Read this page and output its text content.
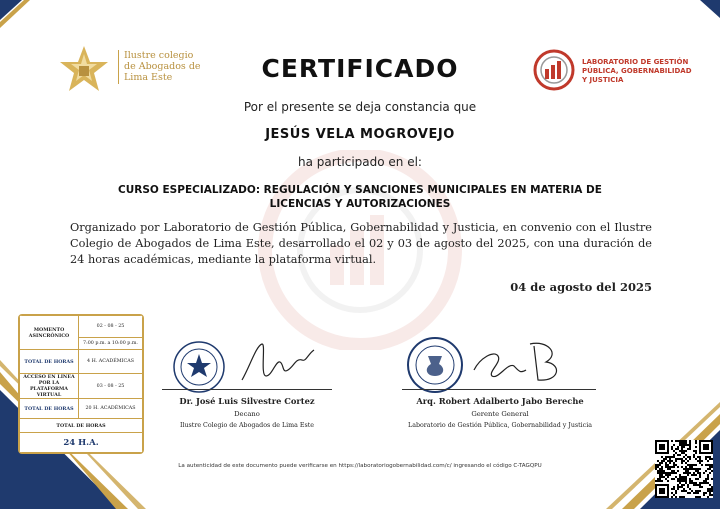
Ilustre colegio
de Abogados de
Lima Este
LABORATORIO DE GESTIÓN
PÚBLICA, GOBERNABILIDAD
Y JUSTICIA
CERTIFICADO
Por el presente se deja constancia que
JESÚS VELA MOGROVEJO
ha participado en el:
CURSO ESPECIALIZADO: REGULACIÓN Y SANCIONES MUNICIPALES EN MATERIA DE
LICENCIAS Y AUTORIZACIONES
Organizado por Laboratorio de Gestión Pública, Gobernabilidad y Justicia, en convenio con el Ilustre Colegio de Abogados de Lima Este, desarrollado el 02 y 03 de agosto del 2025, con una duración de 24 horas académicas, mediante la plataforma virtual.
04 de agosto del 2025
MOMENTO ASINCRÓNICO	02 - 08 - 25
	7:00 p.m. a 10:00 p.m.
TOTAL DE HORAS	4 H. ACADÉMICAS
ACCESO EN LINEA POR LA PLATAFORMA VIRTUAL	03 - 08 - 25
TOTAL DE HORAS	20 H. ACADÉMICAS
TOTAL DE HORAS	
24 H.A.	
Dr. José Luis Silvestre Cortez
Decano
Ilustre Colegio de Abogados de Lima Este
Arq. Robert Adalberto Jabo Bereche
Gerente General
Laboratorio de Gestión Pública, Gobernabilidad y Justicia
La autenticidad de este documento puede verificarse en https://laboratoriogobernabilidad.com/c/ ingresando el código C-TAGQPU
